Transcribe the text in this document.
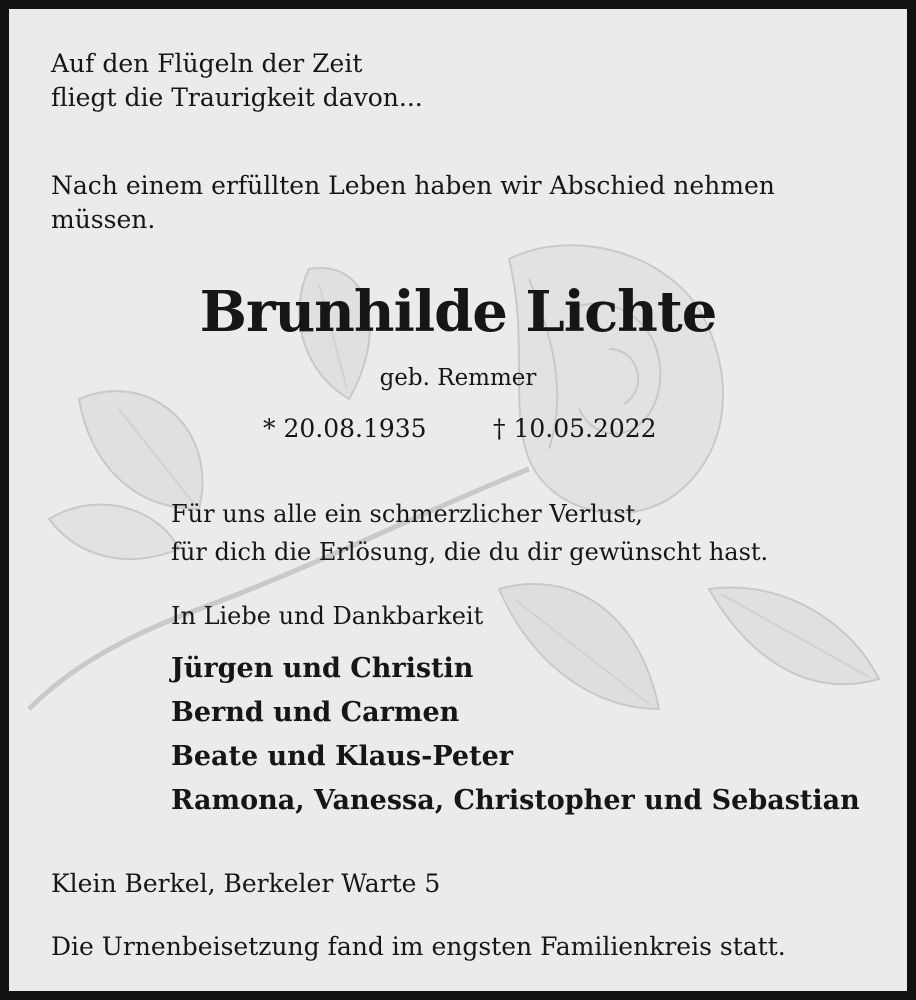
Auf den Flügeln der Zeit
fliegt die Traurigkeit davon...
Nach einem erfüllten Leben haben wir Abschied nehmen
müssen.
Brunhilde Lichte
geb. Remmer
* 20.08.1935	† 10.05.2022
Für uns alle ein schmerzlicher Verlust,
für dich die Erlösung, die du dir gewünscht hast.
In Liebe und Dankbarkeit
Jürgen und Christin
Bernd und Carmen
Beate und Klaus-Peter
Ramona, Vanessa, Christopher und Sebastian
Klein Berkel, Berkeler Warte 5
Die Urnenbeisetzung fand im engsten Familienkreis statt.
